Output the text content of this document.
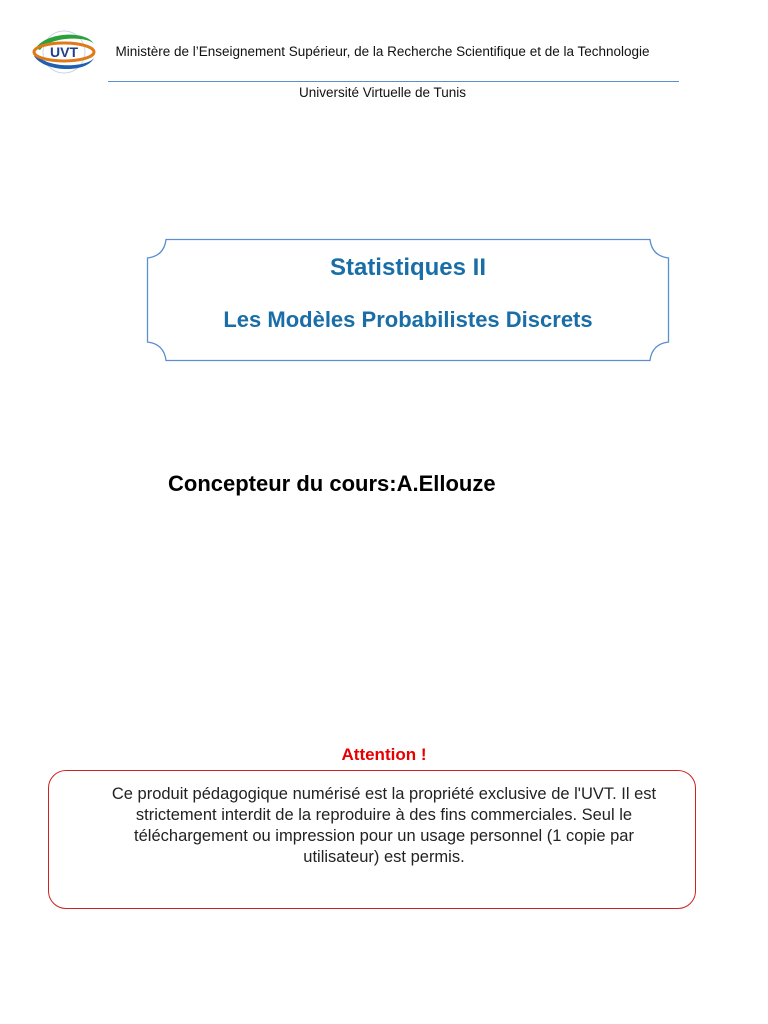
UVT	Ministère de l’Enseignement Supérieur, de la Recherche Scientifique et de la Technologie
Université Virtuelle de Tunis
Statistiques II
Les Modèles Probabilistes Discrets
Concepteur du cours:A.Ellouze
Attention !
Ce produit pédagogique numérisé est la propriété exclusive de l'UVT. Il est strictement interdit de la reproduire à des fins commerciales. Seul le téléchargement ou impression pour un usage personnel (1 copie par utilisateur) est permis.
